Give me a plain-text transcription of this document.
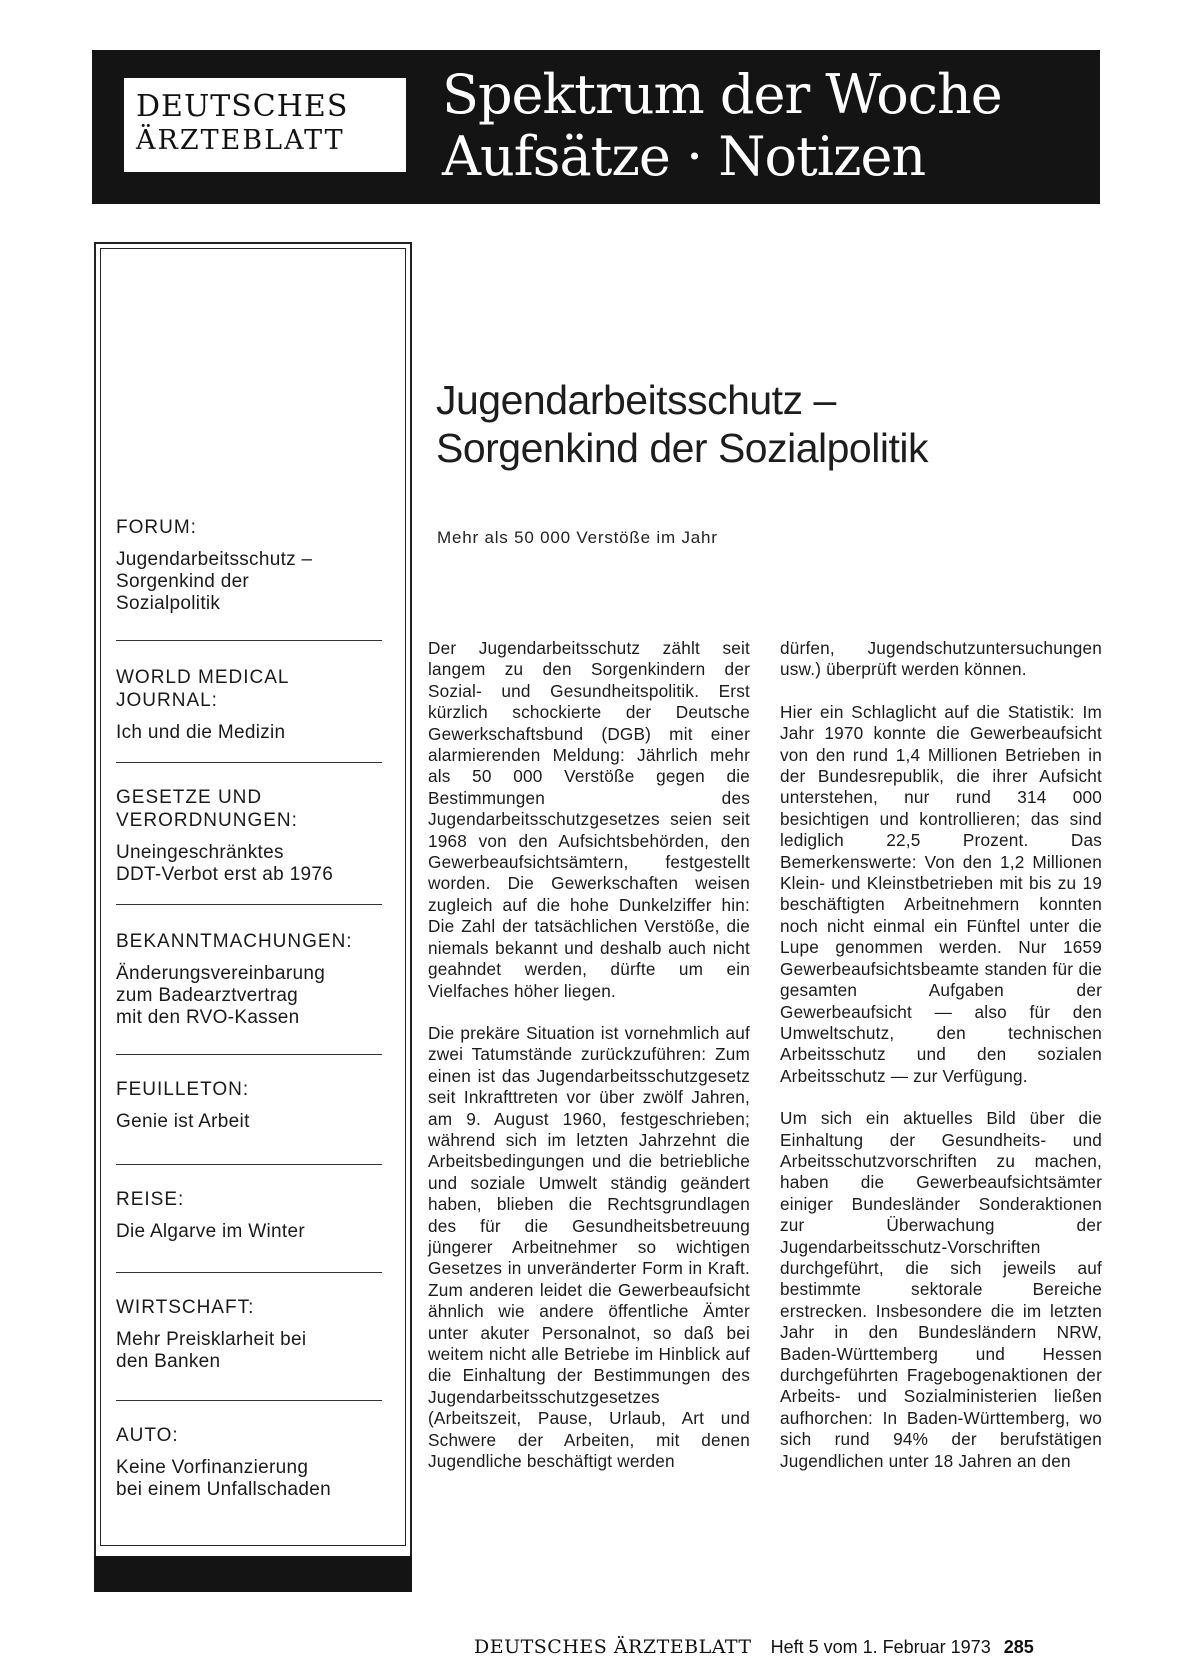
DEUTSCHES
ÄRZTEBLATT
Spektrum der Woche
Aufsätze · Notizen
FORUM:
Jugendarbeitsschutz –
Sorgenkind der
Sozialpolitik
WORLD MEDICAL
JOURNAL:
Ich und die Medizin
GESETZE UND
VERORDNUNGEN:
Uneingeschränktes
DDT-Verbot erst ab 1976
BEKANNTMACHUNGEN:
Änderungsvereinbarung
zum Badearztvertrag
mit den RVO-Kassen
FEUILLETON:
Genie ist Arbeit
REISE:
Die Algarve im Winter
WIRTSCHAFT:
Mehr Preisklarheit bei
den Banken
AUTO:
Keine Vorfinanzierung
bei einem Unfallschaden
Jugendarbeitsschutz –
Sorgenkind der Sozialpolitik
Mehr als 50 000 Verstöße im Jahr

Der Jugendarbeitsschutz zählt seit langem zu den Sorgenkindern der Sozial- und Gesundheitspolitik. Erst kürzlich schockierte der Deutsche Gewerkschaftsbund (DGB) mit einer alarmierenden Meldung: Jährlich mehr als 50 000 Verstöße gegen die Bestimmungen des Jugendarbeitsschutzgesetzes seien seit 1968 von den Aufsichtsbehörden, den Gewerbeaufsichtsämtern, festgestellt worden. Die Gewerkschaften weisen zugleich auf die hohe Dunkelziffer hin: Die Zahl der tatsächlichen Verstöße, die niemals bekannt und deshalb auch nicht geahndet werden, dürfte um ein Vielfaches höher liegen.

Die prekäre Situation ist vornehmlich auf zwei Tatumstände zurückzuführen: Zum einen ist das Jugendarbeitsschutzgesetz seit Inkrafttreten vor über zwölf Jahren, am 9. August 1960, festgeschrieben; während sich im letzten Jahrzehnt die Arbeitsbedingungen und die betriebliche und soziale Umwelt ständig geändert haben, blieben die Rechtsgrundlagen des für die Gesundheitsbetreuung jüngerer Arbeitnehmer so wichtigen Gesetzes in unveränderter Form in Kraft. Zum anderen leidet die Gewerbeaufsicht ähnlich wie andere öffentliche Ämter unter akuter Personalnot, so daß bei weitem nicht alle Betriebe im Hinblick auf die Einhaltung der Bestimmungen des Jugendarbeitsschutzgesetzes (Arbeitszeit, Pause, Urlaub, Art und Schwere der Arbeiten, mit denen Jugendliche beschäftigt werden

dürfen, Jugendschutzuntersuchungen usw.) überprüft werden können.

Hier ein Schlaglicht auf die Statistik: Im Jahr 1970 konnte die Gewerbeaufsicht von den rund 1,4 Millionen Betrieben in der Bundesrepublik, die ihrer Aufsicht unterstehen, nur rund 314 000 besichtigen und kontrollieren; das sind lediglich 22,5 Prozent. Das Bemerkenswerte: Von den 1,2 Millionen Klein- und Kleinstbetrieben mit bis zu 19 beschäftigten Arbeitnehmern konnten noch nicht einmal ein Fünftel unter die Lupe genommen werden. Nur 1659 Gewerbeaufsichtsbeamte standen für die gesamten Aufgaben der Gewerbeaufsicht — also für den Umweltschutz, den technischen Arbeitsschutz und den sozialen Arbeitsschutz — zur Verfügung.

Um sich ein aktuelles Bild über die Einhaltung der Gesundheits- und Arbeitsschutzvorschriften zu machen, haben die Gewerbeaufsichtsämter einiger Bundesländer Sonderaktionen zur Überwachung der Jugendarbeitsschutz-Vorschriften durchgeführt, die sich jeweils auf bestimmte sektorale Bereiche erstrecken. Insbesondere die im letzten Jahr in den Bundesländern NRW, Baden-Württemberg und Hessen durchgeführten Fragebogenaktionen der Arbeits- und Sozialministerien ließen aufhorchen: In Baden-Württemberg, wo sich rund 94% der berufstätigen Jugendlichen unter 18 Jahren an den

DEUTSCHES ÄRZTEBLATT Heft 5 vom 1. Februar 1973 285
